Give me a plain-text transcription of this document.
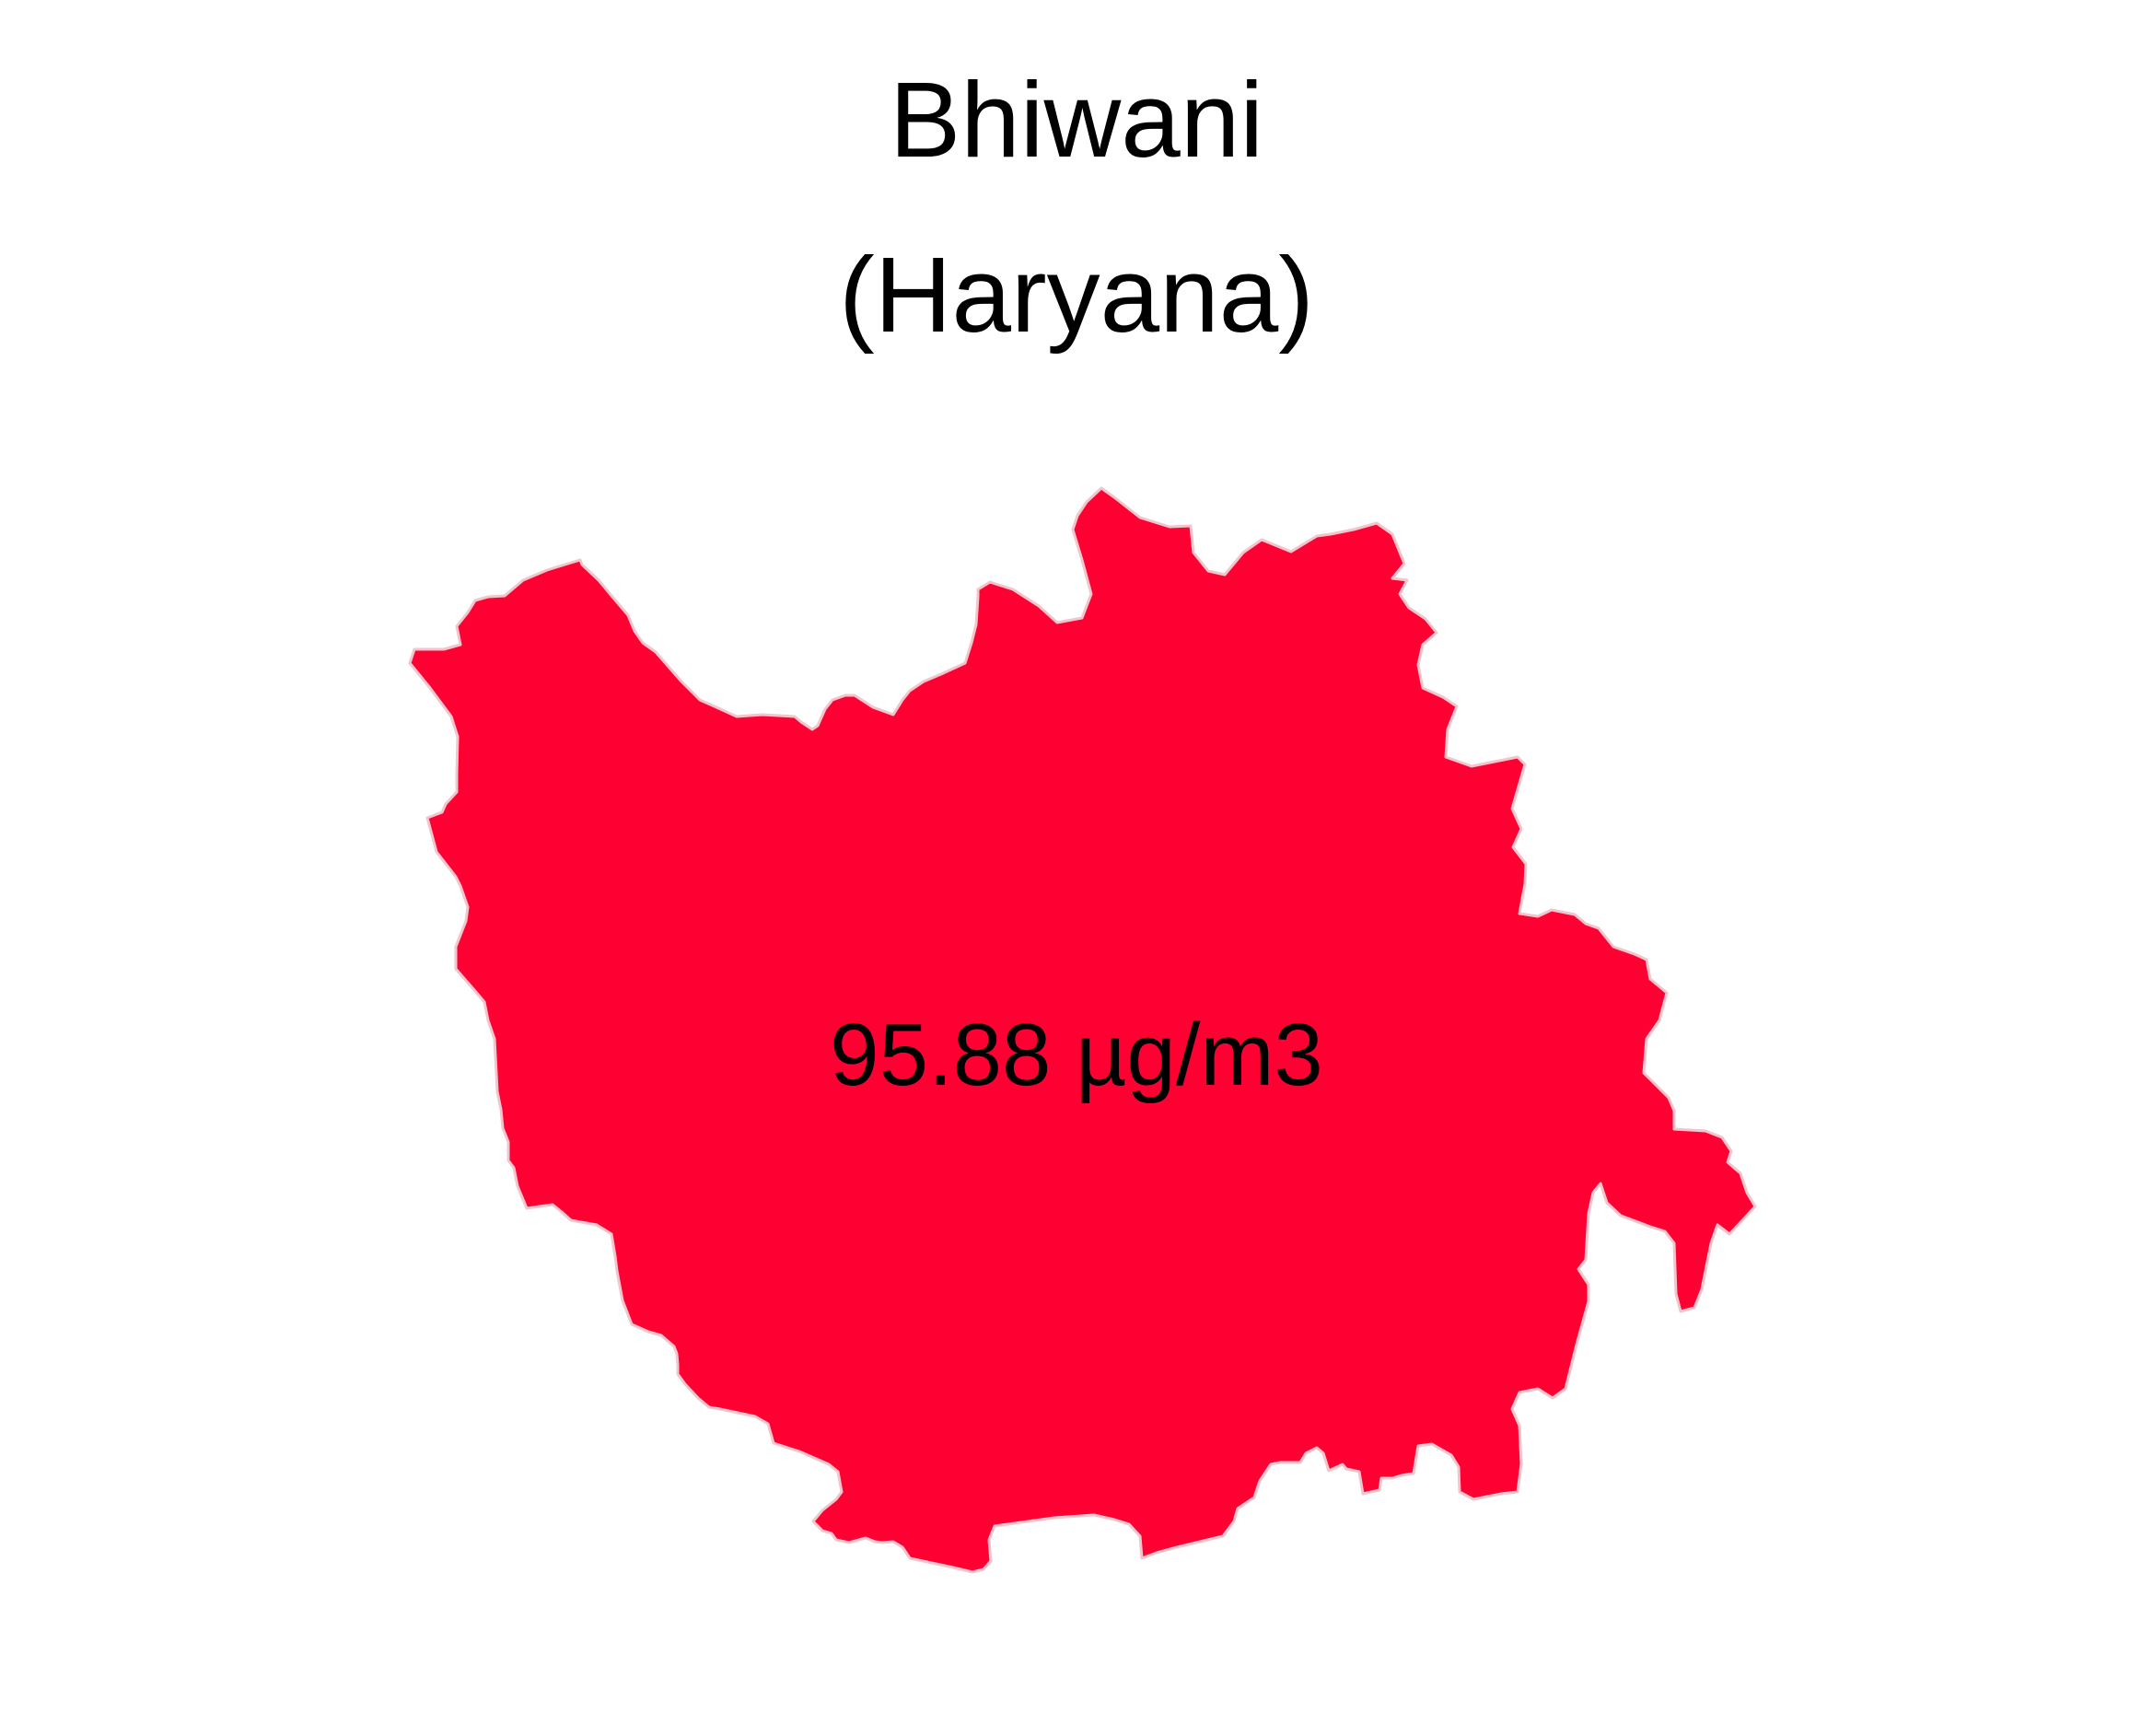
Bhiwani
(Haryana)
95.88 µg/m3
